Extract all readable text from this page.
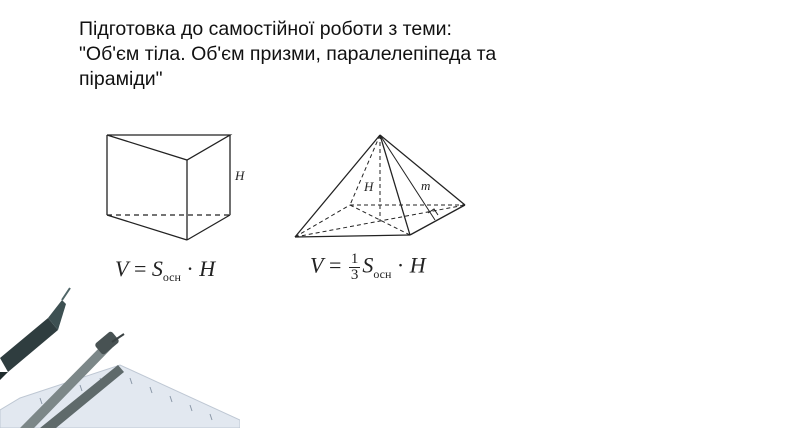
Підготовка до самостійної роботи з теми:
"Об'єм тіла. Об'єм призми, паралелепіпеда та
піраміди"
H
$V = S_{осн} \cdot H$
H	m
$V = \frac{1}{3} S_{осн} \cdot H$
